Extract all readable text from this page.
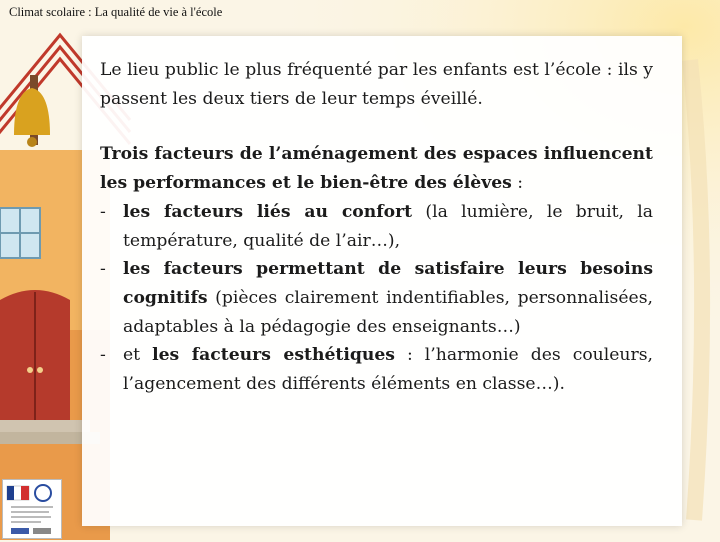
Climat scolaire : La qualité de vie à l'école

Le lieu public le plus fréquenté par les enfants est l’école : ils y passent les deux tiers de leur temps éveillé.

Trois facteurs de l’aménagement des espaces influencent les performances et le bien-être des élèves :

- les facteurs liés au confort (la lumière, le bruit, la température, qualité de l’air…),
- les facteurs permettant de satisfaire leurs besoins cognitifs (pièces clairement indentifiables, personnalisées, adaptables à la pédagogie des enseignants…)
- et les facteurs esthétiques : l’harmonie des couleurs, l’agencement des différents éléments en classe…).
